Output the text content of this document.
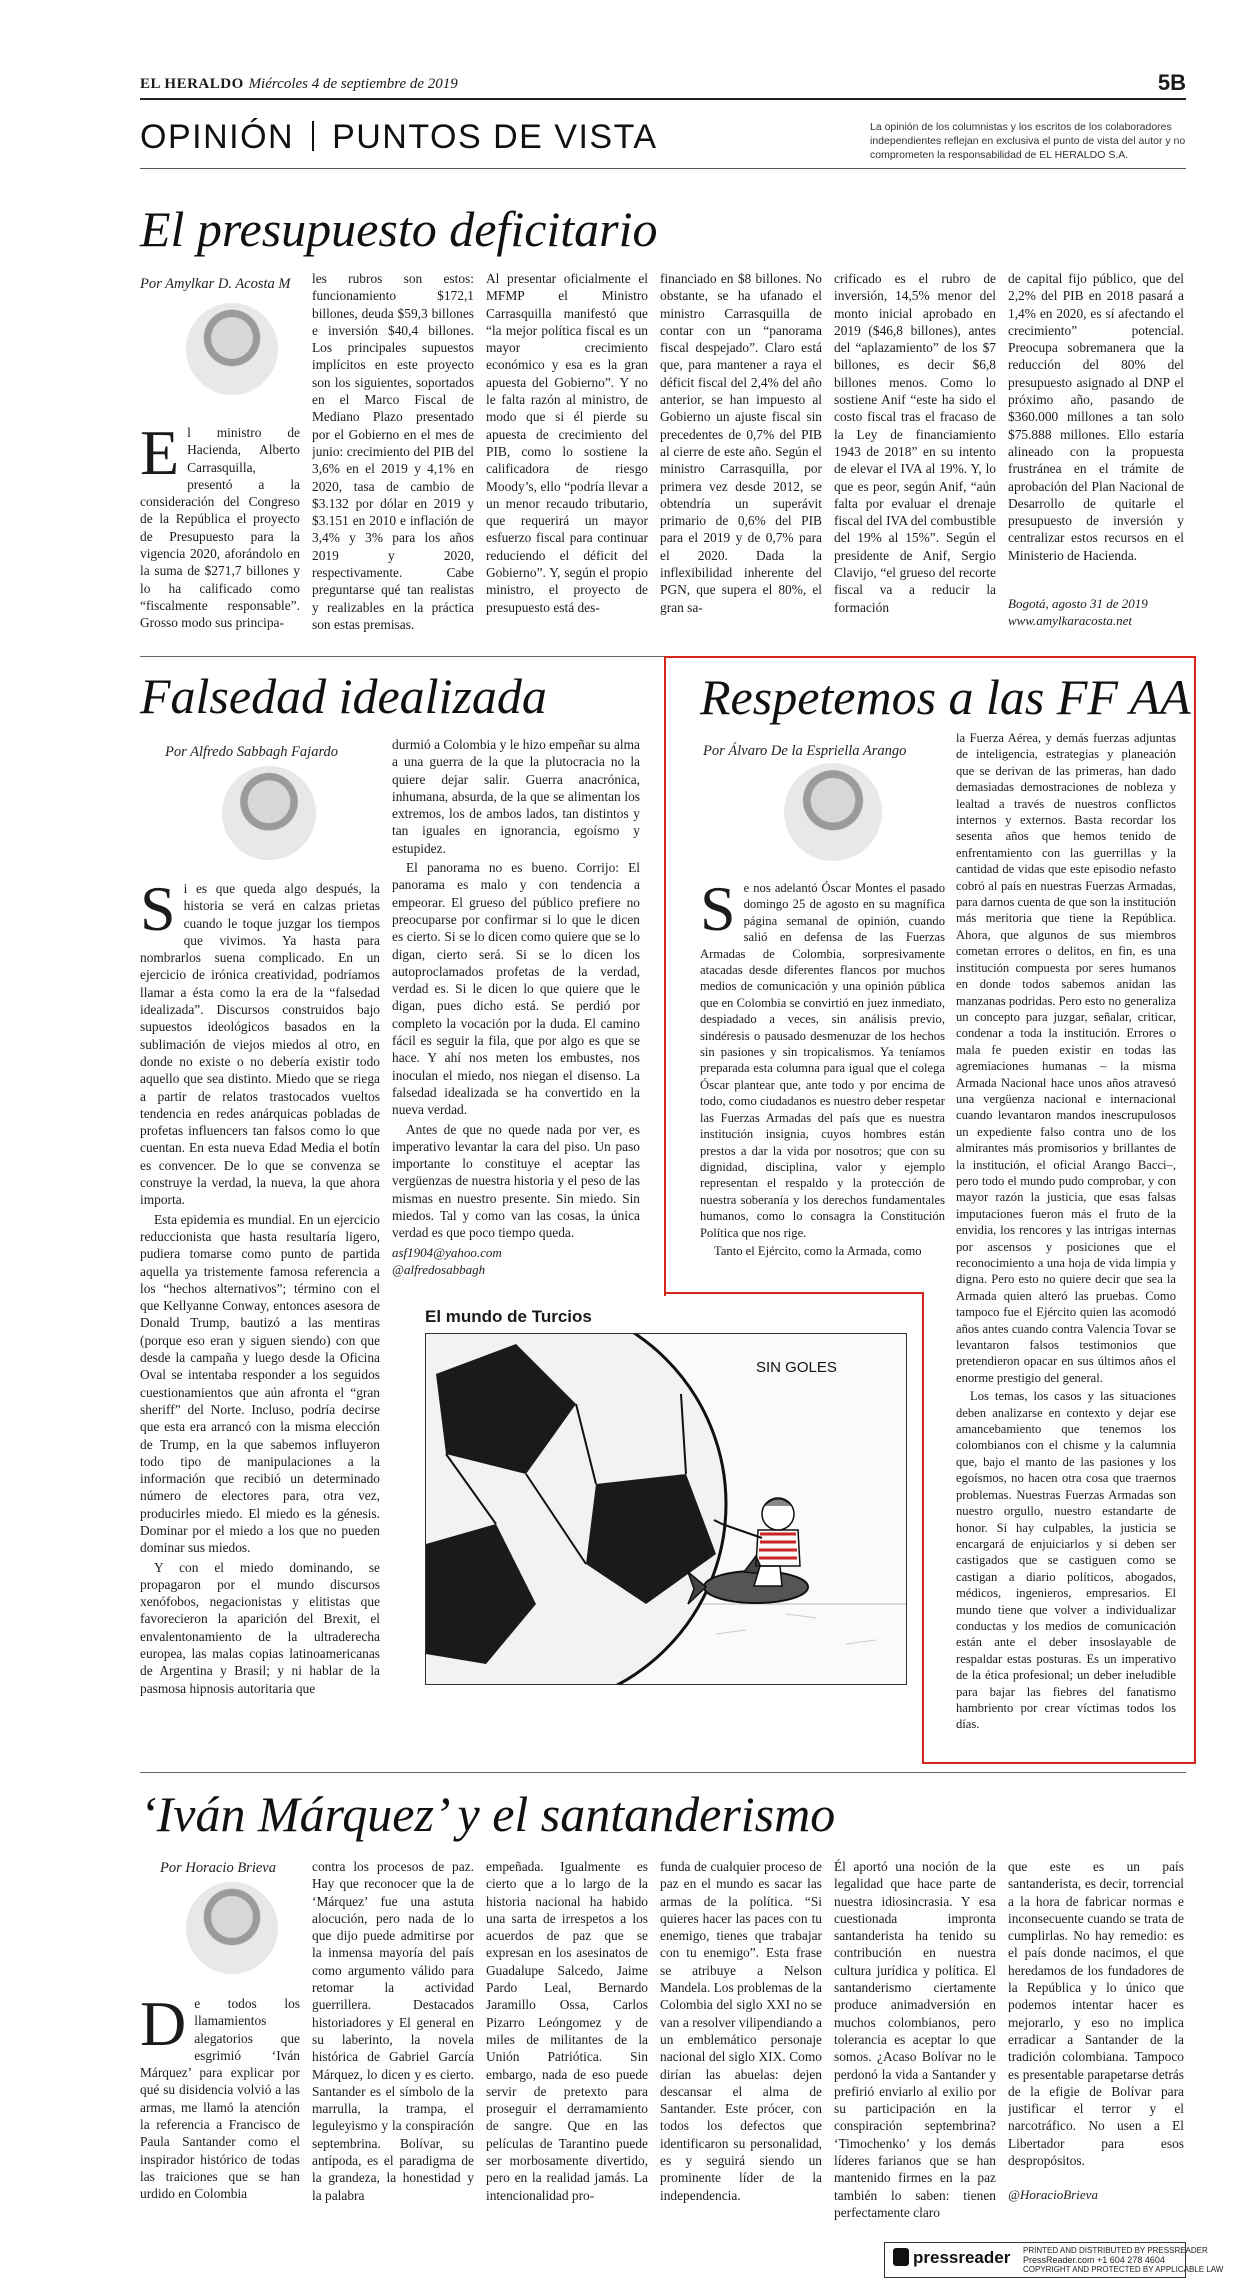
EL HERALDO Miércoles 4 de septiembre de 2019	5B
OPINIÓN PUNTOS DE VISTA	La opinión de los columnistas y los escritos de los colaboradores independientes reflejan en exclusiva el punto de vista del autor y no comprometen la responsabilidad de EL HERALDO S.A.
El presupuesto deficitario
Por Amylkar D. Acosta M

El ministro de Hacienda, Alberto Carrasquilla, presentó a la consideración del Congreso de la República el proyecto de Presupuesto para la vigencia 2020, aforándolo en la suma de $271,7 billones y lo ha calificado como “fiscalmente responsable”. Grosso modo sus principa-

les rubros son estos: funcionamiento $172,1 billones, deuda $59,3 billones e inversión $40,4 billones. Los principales supuestos implícitos en este proyecto son los siguientes, soportados en el Marco Fiscal de Mediano Plazo presentado por el Gobierno en el mes de junio: crecimiento del PIB del 3,6% en el 2019 y 4,1% en 2020, tasa de cambio de $3.132 por dólar en 2019 y $3.151 en 2010 e inflación de 3,4% y 3% para los años 2019 y 2020, respectivamente. Cabe preguntarse qué tan realistas y realizables en la práctica son estas premisas.

Al presentar oficialmente el MFMP el Ministro Carrasquilla manifestó que “la mejor política fiscal es un mayor crecimiento económico y esa es la gran apuesta del Gobierno”. Y no le falta razón al ministro, de modo que si él pierde su apuesta de crecimiento del PIB, como lo sostiene la calificadora de riesgo Moody’s, ello “podría llevar a un menor recaudo tributario, que requerirá un mayor esfuerzo fiscal para continuar reduciendo el déficit del Gobierno”. Y, según el propio ministro, el proyecto de presupuesto está des-

financiado en $8 billones. No obstante, se ha ufanado el ministro Carrasquilla de contar con un “panorama fiscal despejado”. Claro está que, para mantener a raya el déficit fiscal del 2,4% del año anterior, se han impuesto al Gobierno un ajuste fiscal sin precedentes de 0,7% del PIB al cierre de este año. Según el ministro Carrasquilla, por primera vez desde 2012, se obtendría un superávit primario de 0,6% del PIB para el 2019 y de 0,7% para el 2020. Dada la inflexibilidad inherente del PGN, que supera el 80%, el gran sa-

crificado es el rubro de inversión, 14,5% menor del monto inicial aprobado en 2019 ($46,8 billones), antes del “aplazamiento” de los $7 billones, es decir $6,8 billones menos. Como lo sostiene Anif “este ha sido el costo fiscal tras el fracaso de la Ley de financiamiento 1943 de 2018” en su intento de elevar el IVA al 19%. Y, lo que es peor, según Anif, “aún falta por evaluar el drenaje fiscal del IVA del combustible del 19% al 15%”. Según el presidente de Anif, Sergio Clavijo, “el grueso del recorte fiscal va a reducir la formación

de capital fijo público, que del 2,2% del PIB en 2018 pasará a 1,4% en 2020, es sí afectando el crecimiento” potencial. Preocupa sobremanera que la reducción del 80% del presupuesto asignado al DNP el próximo año, pasando de $360.000 millones a tan solo $75.888 millones. Ello estaría alineado con la propuesta frustránea en el trámite de aprobación del Plan Nacional de Desarrollo de quitarle el presupuesto de inversión y centralizar estos recursos en el Ministerio de Hacienda.

Bogotá, agosto 31 de 2019
www.amylkaracosta.net
Falsedad idealizada
Por Alfredo Sabbagh Fajardo

Si es que queda algo después, la historia se verá en calzas prietas cuando le toque juzgar los tiempos que vivimos. Ya hasta para nombrarlos suena complicado. En un ejercicio de irónica creatividad, podríamos llamar a ésta como la era de la “falsedad idealizada”. Discursos construidos bajo supuestos ideológicos basados en la sublimación de viejos miedos al otro, en donde no existe o no debería existir todo aquello que sea distinto. Miedo que se riega a partir de relatos trastocados vueltos tendencia en redes anárquicas pobladas de profetas influencers tan falsos como lo que cuentan. En esta nueva Edad Media el botín es convencer. De lo que se convenza se construye la verdad, la nueva, la que ahora importa.

Esta epidemia es mundial. En un ejercicio reduccionista que hasta resultaría ligero, pudiera tomarse como punto de partida aquella ya tristemente famosa referencia a los “hechos alternativos”; término con el que Kellyanne Conway, entonces asesora de Donald Trump, bautizó a las mentiras (porque eso eran y siguen siendo) con que desde la campaña y luego desde la Oficina Oval se intentaba responder a los seguidos cuestionamientos que aún afronta el “gran sheriff” del Norte. Incluso, podría decirse que esta era arrancó con la misma elección de Trump, en la que sabemos influyeron todo tipo de manipulaciones a la información que recibió un determinado número de electores para, otra vez, producirles miedo. El miedo es la génesis. Dominar por el miedo a los que no pueden dominar sus miedos.

Y con el miedo dominando, se propagaron por el mundo discursos xenófobos, negacionistas y elitistas que favorecieron la aparición del Brexit, el envalentonamiento de la ultraderecha europea, las malas copias latinoamericanas de Argentina y Brasil; y ni hablar de la pasmosa hipnosis autoritaria que

durmió a Colombia y le hizo empeñar su alma a una guerra de la que la plutocracia no la quiere dejar salir. Guerra anacrónica, inhumana, absurda, de la que se alimentan los extremos, los de ambos lados, tan distintos y tan iguales en ignorancia, egoísmo y estupidez.

El panorama no es bueno. Corrijo: El panorama es malo y con tendencia a empeorar. El grueso del público prefiere no preocuparse por confirmar si lo que le dicen es cierto. Si se lo dicen como quiere que se lo digan, cierto será. Si se lo dicen los autoproclamados profetas de la verdad, verdad es. Si le dicen lo que quiere que le digan, pues dicho está. Se perdió por completo la vocación por la duda. El camino fácil es seguir la fila, que por algo es que se hace. Y ahí nos meten los embustes, nos inoculan el miedo, nos niegan el disenso. La falsedad idealizada se ha convertido en la nueva verdad.

Antes de que no quede nada por ver, es imperativo levantar la cara del piso. Un paso importante lo constituye el aceptar las vergüenzas de nuestra historia y el peso de las mismas en nuestro presente. Sin miedo. Sin miedos. Tal y como van las cosas, la única verdad es que poco tiempo queda.

asf1904@yahoo.com
@alfredosabbagh
El mundo de Turcios
SIN GOLES
Respetemos a las FF AA
Por Álvaro De la Espriella Arango

Se nos adelantó Óscar Montes el pasado domingo 25 de agosto en su magnífica página semanal de opinión, cuando salió en defensa de las Fuerzas Armadas de Colombia, sorpresivamente atacadas desde diferentes flancos por muchos medios de comunicación y una opinión pública que en Colombia se convirtió en juez inmediato, despiadado a veces, sin análisis previo, sindéresis o pausado desmenuzar de los hechos sin pasiones y sin tropicalismos. Ya teníamos preparada esta columna para igual que el colega Óscar plantear que, ante todo y por encima de todo, como ciudadanos es nuestro deber respetar las Fuerzas Armadas del país que es nuestra institución insignia, cuyos hombres están prestos a dar la vida por nosotros; que con su dignidad, disciplina, valor y ejemplo representan el respaldo y la protección de nuestra soberanía y los derechos fundamentales humanos, como lo consagra la Constitución Política que nos rige.

Tanto el Ejército, como la Armada, como

la Fuerza Aérea, y demás fuerzas adjuntas de inteligencia, estrategias y planeación que se derivan de las primeras, han dado demasiadas demostraciones de nobleza y lealtad a través de nuestros conflictos internos y externos. Basta recordar los sesenta años que hemos tenido de enfrentamiento con las guerrillas y la cantidad de vidas que este episodio nefasto cobró al país en nuestras Fuerzas Armadas, para darnos cuenta de que son la institución más meritoria que tiene la República. Ahora, que algunos de sus miembros cometan errores o delitos, en fin, es una institución compuesta por seres humanos en donde todos sabemos anidan las manzanas podridas. Pero esto no generaliza un concepto para juzgar, señalar, criticar, condenar a toda la institución. Errores o mala fe pueden existir en todas las agremiaciones humanas – la misma Armada Nacional hace unos años atravesó una vergüenza nacional e internacional cuando levantaron mandos inescrupulosos un expediente falso contra uno de los almirantes más promisorios y brillantes de la institución, el oficial Arango Bacci–, pero todo el mundo pudo comprobar, y con mayor razón la justicia, que esas falsas imputaciones fueron más el fruto de la envidia, los rencores y las intrigas internas por ascensos y posiciones que el reconocimiento a una hoja de vida limpia y digna. Pero esto no quiere decir que sea la Armada quien alteró las pruebas. Como tampoco fue el Ejército quien las acomodó años antes cuando contra Valencia Tovar se levantaron falsos testimonios que pretendieron opacar en sus últimos años el enorme prestigio del general.

Los temas, los casos y las situaciones deben analizarse en contexto y dejar ese amancebamiento que tenemos los colombianos con el chisme y la calumnia que, bajo el manto de las pasiones y los egoísmos, no hacen otra cosa que traernos problemas. Nuestras Fuerzas Armadas son nuestro orgullo, nuestro estandarte de honor. Si hay culpables, la justicia se encargará de enjuiciarlos y si deben ser castigados que se castiguen como se castigan a diario políticos, abogados, médicos, ingenieros, empresarios. El mundo tiene que volver a individualizar conductas y los medios de comunicación están ante el deber insoslayable de respaldar estas posturas. Es un imperativo de la ética profesional; un deber ineludible para bajar las fiebres del fanatismo hambriento por crear víctimas todos los días.

‘Iván Márquez’ y el santanderismo
Por Horacio Brieva

De todos los llamamientos alegatorios que esgrimió ‘Iván Márquez’ para explicar por qué su disidencia volvió a las armas, me llamó la atención la referencia a Francisco de Paula Santander como el inspirador histórico de todas las traiciones que se han urdido en Colombia

contra los procesos de paz. Hay que reconocer que la de ‘Márquez’ fue una astuta alocución, pero nada de lo que dijo puede admitirse por la inmensa mayoría del país como argumento válido para retomar la actividad guerrillera. Destacados historiadores y El general en su laberinto, la novela histórica de Gabriel García Márquez, lo dicen y es cierto. Santander es el símbolo de la marrulla, la trampa, el leguleyismo y la conspiración septembrina. Bolívar, su antípoda, es el paradigma de la grandeza, la honestidad y la palabra

empeñada. Igualmente es cierto que a lo largo de la historia nacional ha habido una sarta de irrespetos a los acuerdos de paz que se expresan en los asesinatos de Guadalupe Salcedo, Jaime Pardo Leal, Bernardo Jaramillo Ossa, Carlos Pizarro Leóngomez y de miles de militantes de la Unión Patriótica. Sin embargo, nada de eso puede servir de pretexto para proseguir el derramamiento de sangre. Que en las películas de Tarantino puede ser morbosamente divertido, pero en la realidad jamás. La intencionalidad pro-

funda de cualquier proceso de paz en el mundo es sacar las armas de la política. “Si quieres hacer las paces con tu enemigo, tienes que trabajar con tu enemigo”. Esta frase se atribuye a Nelson Mandela. Los problemas de la Colombia del siglo XXI no se van a resolver vilipendiando a un emblemático personaje nacional del siglo XIX. Como dirían las abuelas: dejen descansar el alma de Santander. Este prócer, con todos los defectos que identificaron su personalidad, es y seguirá siendo un prominente líder de la independencia.

Él aportó una noción de la legalidad que hace parte de nuestra idiosincrasia. Y esa cuestionada impronta santanderista ha tenido su contribución en nuestra cultura jurídica y política. El santanderismo ciertamente produce animadversión en muchos colombianos, pero tolerancia es aceptar lo que somos. ¿Acaso Bolívar no le perdonó la vida a Santander y prefirió enviarlo al exilio por su participación en la conspiración septembrina? ‘Timochenko’ y los demás líderes farianos que se han mantenido firmes en la paz también lo saben: tienen perfectamente claro

que este es un país santanderista, es decir, torrencial a la hora de fabricar normas e inconsecuente cuando se trata de cumplirlas. No hay remedio: es el país donde nacimos, el que heredamos de los fundadores de la República y lo único que podemos intentar hacer es mejorarlo, y eso no implica erradicar a Santander de la tradición colombiana. Tampoco es presentable parapetarse detrás de la efigie de Bolívar para justificar el terror y el narcotráfico. No usen a El Libertador para esos despropósitos.

@HoracioBrieva
pressreader PRINTED AND DISTRIBUTED BY PRESSREADER
PressReader.com +1 604 278 4604
COPYRIGHT AND PROTECTED BY APPLICABLE LAW
